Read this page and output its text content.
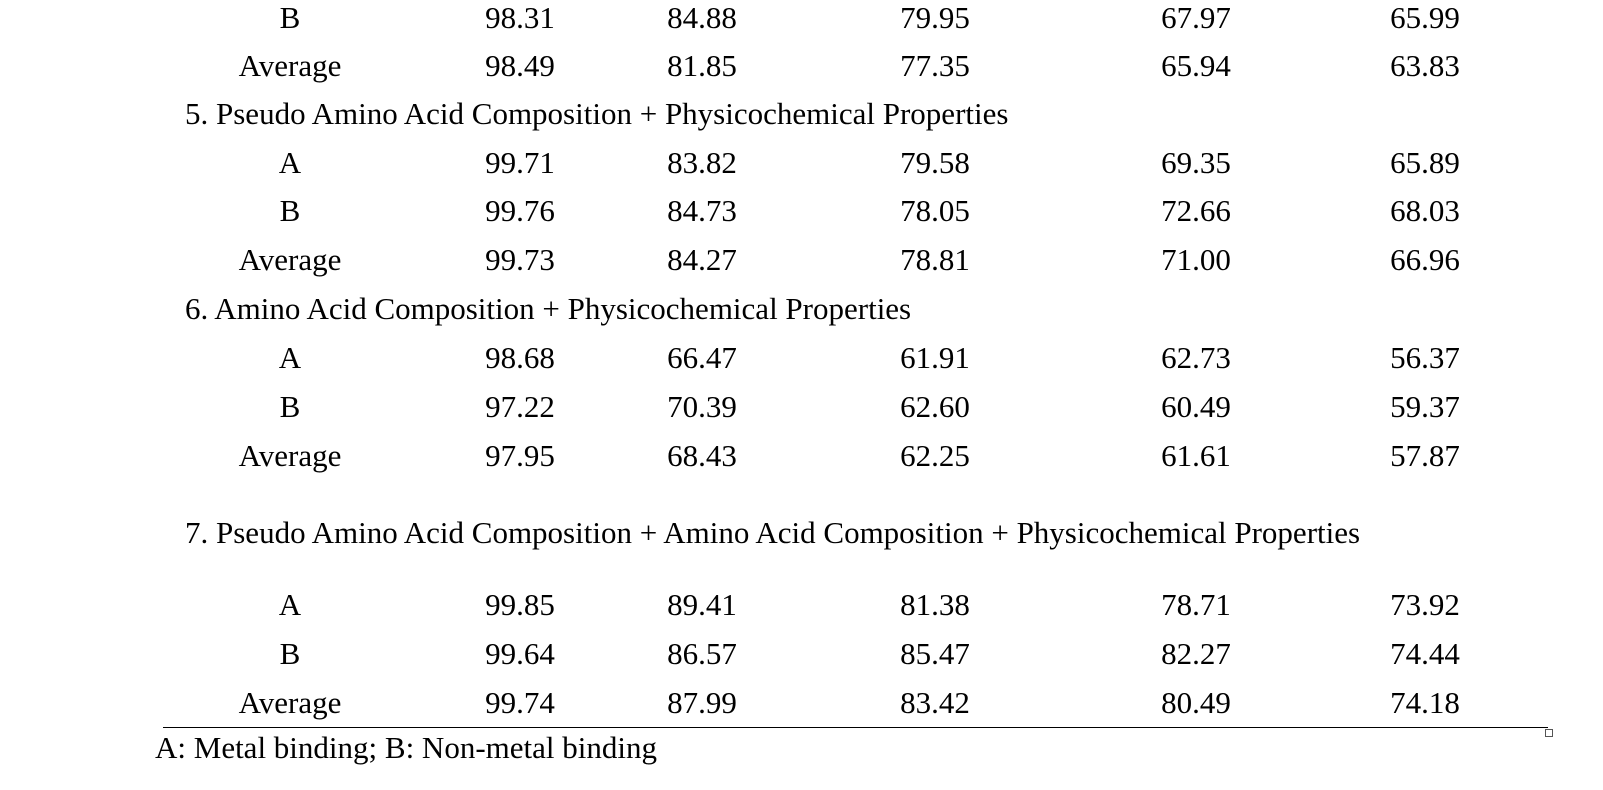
B	98.31	84.88	79.95	67.97	65.99
Average	98.49	81.85	77.35	65.94	63.83
5. Pseudo Amino Acid Composition + Physicochemical Properties
A	99.71	83.82	79.58	69.35	65.89
B	99.76	84.73	78.05	72.66	68.03
Average	99.73	84.27	78.81	71.00	66.96
6. Amino Acid Composition + Physicochemical Properties
A	98.68	66.47	61.91	62.73	56.37
B	97.22	70.39	62.60	60.49	59.37
Average	97.95	68.43	62.25	61.61	57.87
7. Pseudo Amino Acid Composition + Amino Acid Composition + Physicochemical Properties
A	99.85	89.41	81.38	78.71	73.92
B	99.64	86.57	85.47	82.27	74.44
Average	99.74	87.99	83.42	80.49	74.18
A: Metal binding; B: Non-metal binding
